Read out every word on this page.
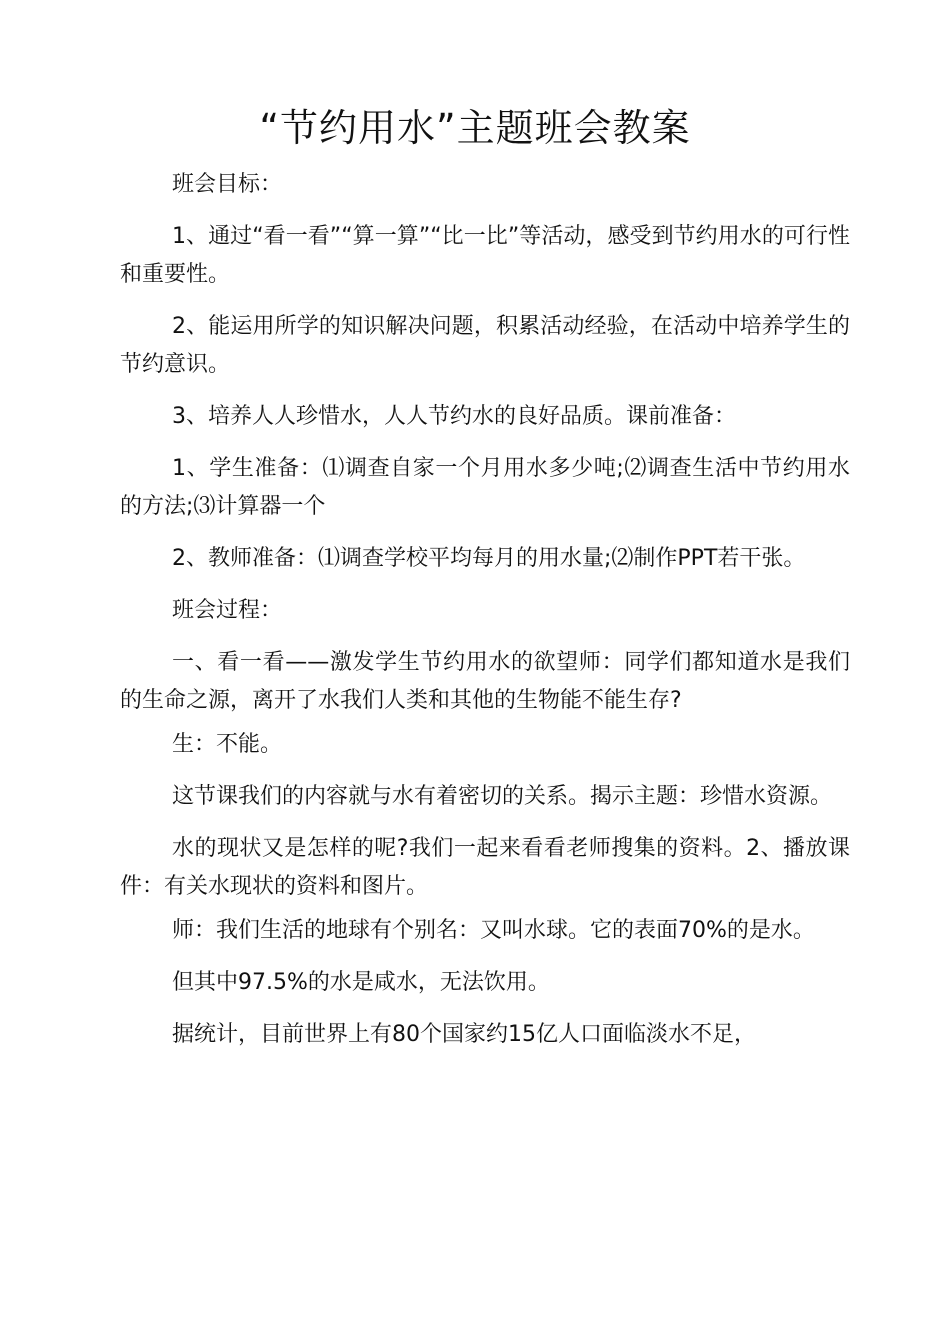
“节约用水”主题班会教案

班会目标：

1、通过“看一看”“算一算”“比一比”等活动，感受到节约用水的可行性和重要性。

2、能运用所学的知识解决问题，积累活动经验，在活动中培养学生的节约意识。

3、培养人人珍惜水，人人节约水的良好品质。课前准备：

1、学生准备：⑴调查自家一个月用水多少吨;⑵调查生活中节约用水的方法;⑶计算器一个

2、教师准备：⑴调查学校平均每月的用水量;⑵制作PPT若干张。

班会过程：

一、看一看——激发学生节约用水的欲望师：同学们都知道水是我们的生命之源，离开了水我们人类和其他的生物能不能生存?

生：不能。

这节课我们的内容就与水有着密切的关系。揭示主题：珍惜水资源。

水的现状又是怎样的呢?我们一起来看看老师搜集的资料。2、播放课件：有关水现状的资料和图片。

师：我们生活的地球有个别名：又叫水球。它的表面70%的是水。

但其中97.5%的水是咸水，无法饮用。

据统计，目前世界上有80个国家约15亿人口面临淡水不足，
